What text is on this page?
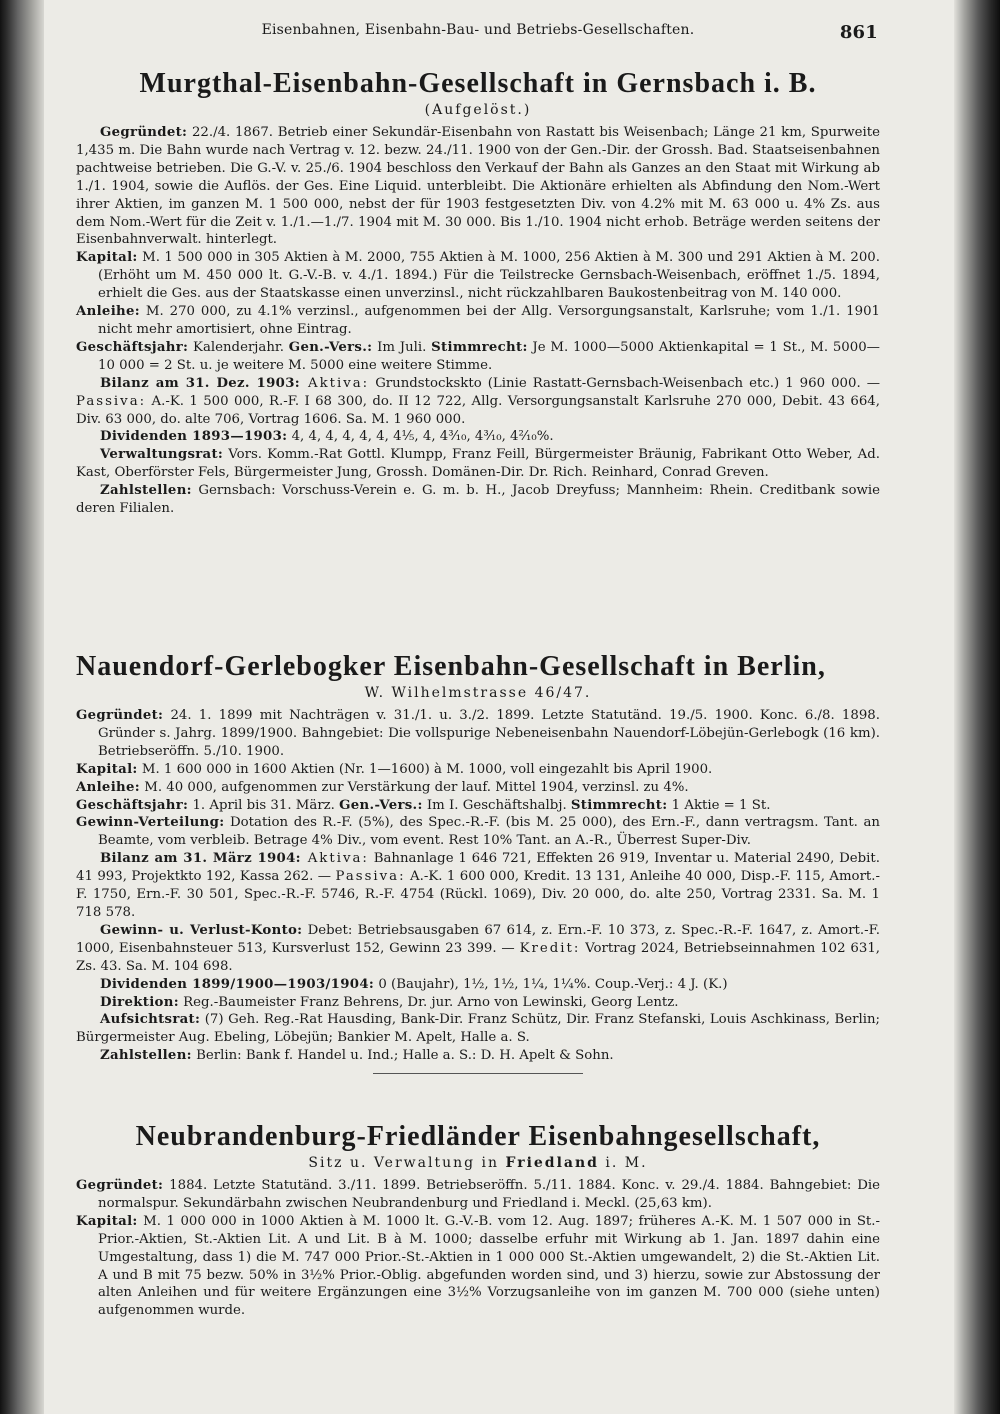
Eisenbahnen, Eisenbahn-Bau- und Betriebs-Gesellschaften.	861
Murgthal-Eisenbahn-Gesellschaft in Gernsbach i. B.
(Aufgelöst.)

Gegründet: 22./4. 1867. Betrieb einer Sekundär-Eisenbahn von Rastatt bis Weisenbach; Länge 21 km, Spurweite 1,435 m. Die Bahn wurde nach Vertrag v. 12. bezw. 24./11. 1900 von der Gen.-Dir. der Grossh. Bad. Staatseisenbahnen pachtweise betrieben. Die G.-V. v. 25./6. 1904 beschloss den Verkauf der Bahn als Ganzes an den Staat mit Wirkung ab 1./1. 1904, sowie die Auflös. der Ges. Eine Liquid. unterbleibt. Die Aktionäre erhielten als Abfindung den Nom.-Wert ihrer Aktien, im ganzen M. 1 500 000, nebst der für 1903 festgesetzten Div. von 4.2% mit M. 63 000 u. 4% Zs. aus dem Nom.-Wert für die Zeit v. 1./1.—1./7. 1904 mit M. 30 000. Bis 1./10. 1904 nicht erhob. Beträge werden seitens der Eisenbahnverwalt. hinterlegt.

Kapital: M. 1 500 000 in 305 Aktien à M. 2000, 755 Aktien à M. 1000, 256 Aktien à M. 300 und 291 Aktien à M. 200. (Erhöht um M. 450 000 lt. G.-V.-B. v. 4./1. 1894.) Für die Teilstrecke Gernsbach-Weisenbach, eröffnet 1./5. 1894, erhielt die Ges. aus der Staatskasse einen unverzinsl., nicht rückzahlbaren Baukostenbeitrag von M. 140 000.

Anleihe: M. 270 000, zu 4.1% verzinsl., aufgenommen bei der Allg. Versorgungsanstalt, Karlsruhe; vom 1./1. 1901 nicht mehr amortisiert, ohne Eintrag.

Geschäftsjahr: Kalenderjahr. Gen.-Vers.: Im Juli. Stimmrecht: Je M. 1000—5000 Aktienkapital = 1 St., M. 5000—10 000 = 2 St. u. je weitere M. 5000 eine weitere Stimme.

Bilanz am 31. Dez. 1903: Aktiva: Grundstockskto (Linie Rastatt-Gernsbach-Weisenbach etc.) 1 960 000. — Passiva: A.-K. 1 500 000, R.-F. I 68 300, do. II 12 722, Allg. Versorgungsanstalt Karlsruhe 270 000, Debit. 43 664, Div. 63 000, do. alte 706, Vortrag 1606. Sa. M. 1 960 000.

Dividenden 1893—1903: 4, 4, 4, 4, 4, 4, 4⅕, 4, 4³⁄₁₀, 4³⁄₁₀, 4²⁄₁₀%.

Verwaltungsrat: Vors. Komm.-Rat Gottl. Klumpp, Franz Feill, Bürgermeister Bräunig, Fabrikant Otto Weber, Ad. Kast, Oberförster Fels, Bürgermeister Jung, Grossh. Domänen-Dir. Dr. Rich. Reinhard, Conrad Greven.

Zahlstellen: Gernsbach: Vorschuss-Verein e. G. m. b. H., Jacob Dreyfuss; Mannheim: Rhein. Creditbank sowie deren Filialen.

Nauendorf-Gerlebogker Eisenbahn-Gesellschaft in Berlin,
W. Wilhelmstrasse 46/47.

Gegründet: 24. 1. 1899 mit Nachträgen v. 31./1. u. 3./2. 1899. Letzte Statutänd. 19./5. 1900. Konc. 6./8. 1898. Gründer s. Jahrg. 1899/1900. Bahngebiet: Die vollspurige Nebeneisenbahn Nauendorf-Löbejün-Gerlebogk (16 km). Betriebseröffn. 5./10. 1900.

Kapital: M. 1 600 000 in 1600 Aktien (Nr. 1—1600) à M. 1000, voll eingezahlt bis April 1900.

Anleihe: M. 40 000, aufgenommen zur Verstärkung der lauf. Mittel 1904, verzinsl. zu 4%.

Geschäftsjahr: 1. April bis 31. März. Gen.-Vers.: Im I. Geschäftshalbj. Stimmrecht: 1 Aktie = 1 St.

Gewinn-Verteilung: Dotation des R.-F. (5%), des Spec.-R.-F. (bis M. 25 000), des Ern.-F., dann vertragsm. Tant. an Beamte, vom verbleib. Betrage 4% Div., vom event. Rest 10% Tant. an A.-R., Überrest Super-Div.

Bilanz am 31. März 1904: Aktiva: Bahnanlage 1 646 721, Effekten 26 919, Inventar u. Material 2490, Debit. 41 993, Projektkto 192, Kassa 262. — Passiva: A.-K. 1 600 000, Kredit. 13 131, Anleihe 40 000, Disp.-F. 115, Amort.-F. 1750, Ern.-F. 30 501, Spec.-R.-F. 5746, R.-F. 4754 (Rückl. 1069), Div. 20 000, do. alte 250, Vortrag 2331. Sa. M. 1 718 578.

Gewinn- u. Verlust-Konto: Debet: Betriebsausgaben 67 614, z. Ern.-F. 10 373, z. Spec.-R.-F. 1647, z. Amort.-F. 1000, Eisenbahnsteuer 513, Kursverlust 152, Gewinn 23 399. — Kredit: Vortrag 2024, Betriebseinnahmen 102 631, Zs. 43. Sa. M. 104 698.

Dividenden 1899/1900—1903/1904: 0 (Baujahr), 1½, 1½, 1¼, 1¼%. Coup.-Verj.: 4 J. (K.)

Direktion: Reg.-Baumeister Franz Behrens, Dr. jur. Arno von Lewinski, Georg Lentz.

Aufsichtsrat: (7) Geh. Reg.-Rat Hausding, Bank-Dir. Franz Schütz, Dir. Franz Stefanski, Louis Aschkinass, Berlin; Bürgermeister Aug. Ebeling, Löbejün; Bankier M. Apelt, Halle a. S.

Zahlstellen: Berlin: Bank f. Handel u. Ind.; Halle a. S.: D. H. Apelt & Sohn.

Neubrandenburg-Friedländer Eisenbahngesellschaft,
Sitz u. Verwaltung in Friedland i. M.

Gegründet: 1884. Letzte Statutänd. 3./11. 1899. Betriebseröffn. 5./11. 1884. Konc. v. 29./4. 1884. Bahngebiet: Die normalspur. Sekundärbahn zwischen Neubrandenburg und Friedland i. Meckl. (25,63 km).

Kapital: M. 1 000 000 in 1000 Aktien à M. 1000 lt. G.-V.-B. vom 12. Aug. 1897; früheres A.-K. M. 1 507 000 in St.-Prior.-Aktien, St.-Aktien Lit. A und Lit. B à M. 1000; dasselbe erfuhr mit Wirkung ab 1. Jan. 1897 dahin eine Umgestaltung, dass 1) die M. 747 000 Prior.-St.-Aktien in 1 000 000 St.-Aktien umgewandelt, 2) die St.-Aktien Lit. A und B mit 75 bezw. 50% in 3½% Prior.-Oblig. abgefunden worden sind, und 3) hierzu, sowie zur Abstossung der alten Anleihen und für weitere Ergänzungen eine 3½% Vorzugsanleihe von im ganzen M. 700 000 (siehe unten) aufgenommen wurde.
